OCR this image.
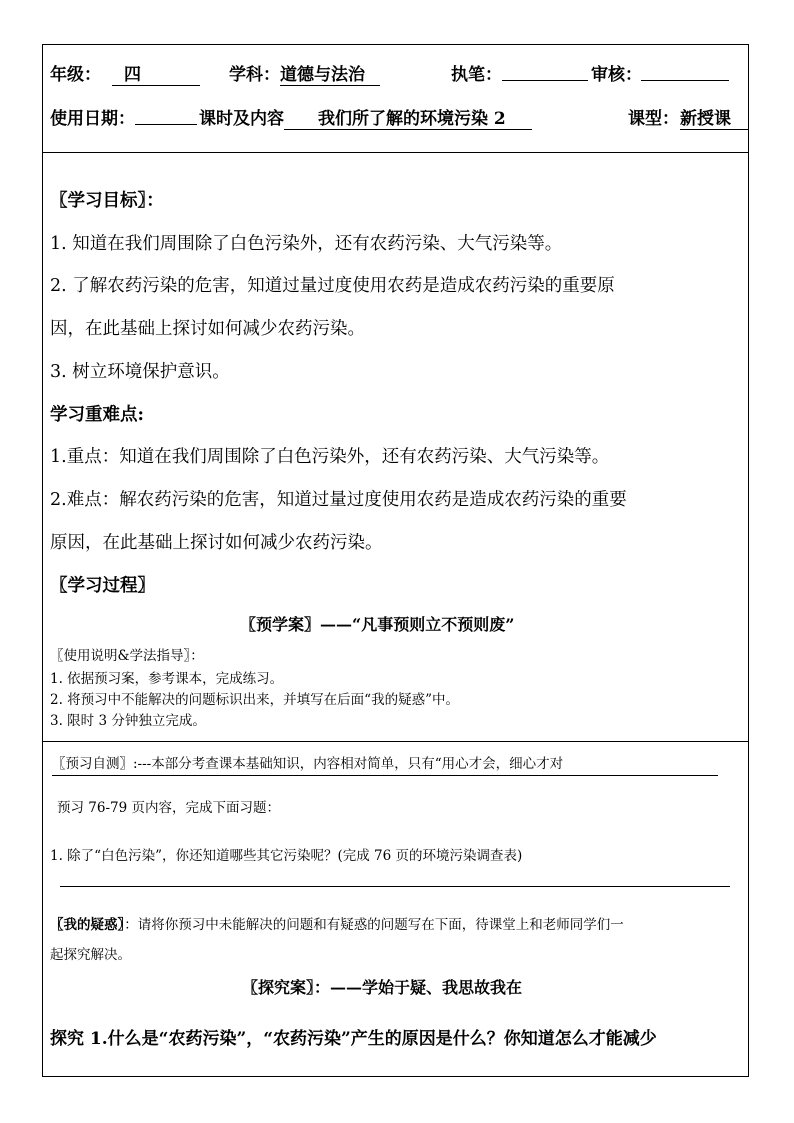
年级：	四	学科： 道德与法治	执笔：	审核：
使用日期：	课时及内容	我们所了解的环境污染 2	课型： 新授课
〖学习目标〗：
1. 知道在我们周围除了白色污染外，还有农药污染、大气污染等。
2. 了解农药污染的危害，知道过量过度使用农药是造成农药污染的重要原
因，在此基础上探讨如何减少农药污染。
3. 树立环境保护意识。
学习重难点:
1.重点：知道在我们周围除了白色污染外，还有农药污染、大气污染等。
2.难点：解农药污染的危害，知道过量过度使用农药是造成农药污染的重要
原因，在此基础上探讨如何减少农药污染。
〖学习过程〗
〖预学案〗——“凡事预则立不预则废”
〖使用说明&学法指导〗：
1. 依据预习案，参考课本，完成练习。
2. 将预习中不能解决的问题标识出来，并填写在后面“我的疑惑”中。
3. 限时 3 分钟独立完成。
〖预习自测〗:---本部分考查课本基础知识，内容相对简单，只有“用心才会，细心才对
预习 76-79 页内容，完成下面习题：
1. 除了“白色污染”，你还知道哪些其它污染呢？(完成 76 页的环境污染调查表)
〖我的疑惑〗：请将你预习中未能解决的问题和有疑惑的问题写在下面，待课堂上和老师同学们一
起探究解决。
〖探究案〗：——学始于疑、我思故我在
探究 1.什么是“农药污染”，“农药污染”产生的原因是什么？你知道怎么才能减少
